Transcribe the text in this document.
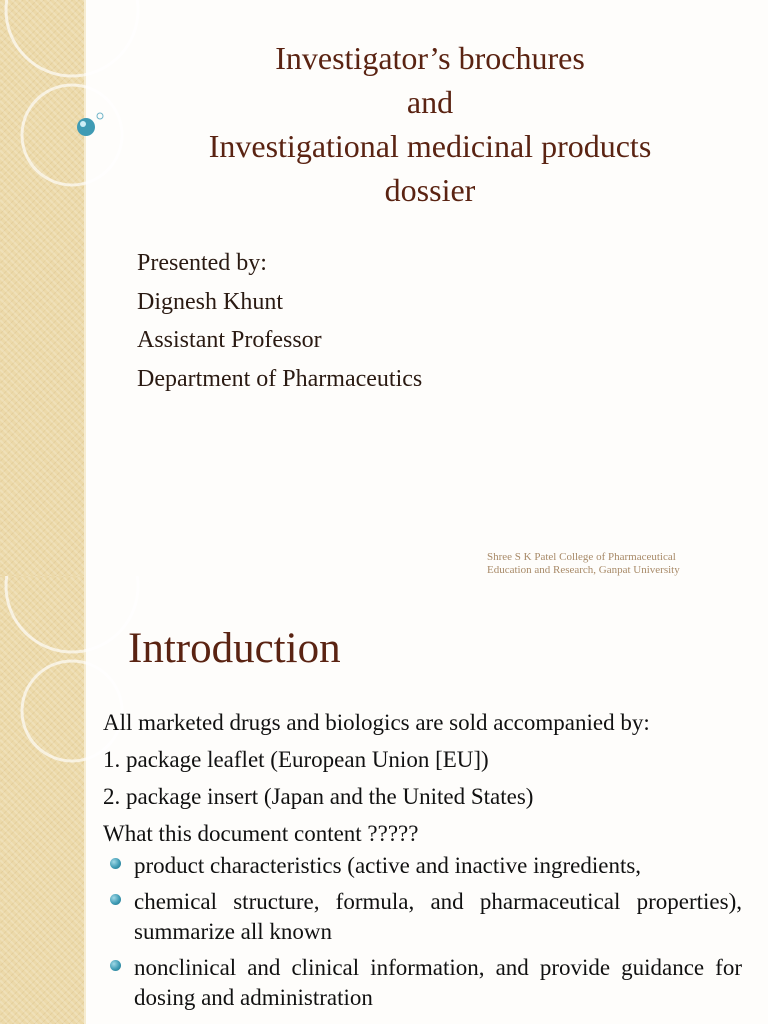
Investigator’s brochures
and
Investigational medicinal products
dossier
Presented by:
Dignesh Khunt
Assistant Professor
Department of Pharmaceutics
Shree S K Patel College of Pharmaceutical
Education and Research, Ganpat University
Introduction
All marketed drugs and biologics are sold accompanied by:
1. package leaflet (European Union [EU])
2. package insert (Japan and the United States)
What this document content ?????
product characteristics (active and inactive ingredients,
chemical structure, formula, and pharmaceutical properties), summarize all known
nonclinical and clinical information, and provide guidance for dosing and administration
